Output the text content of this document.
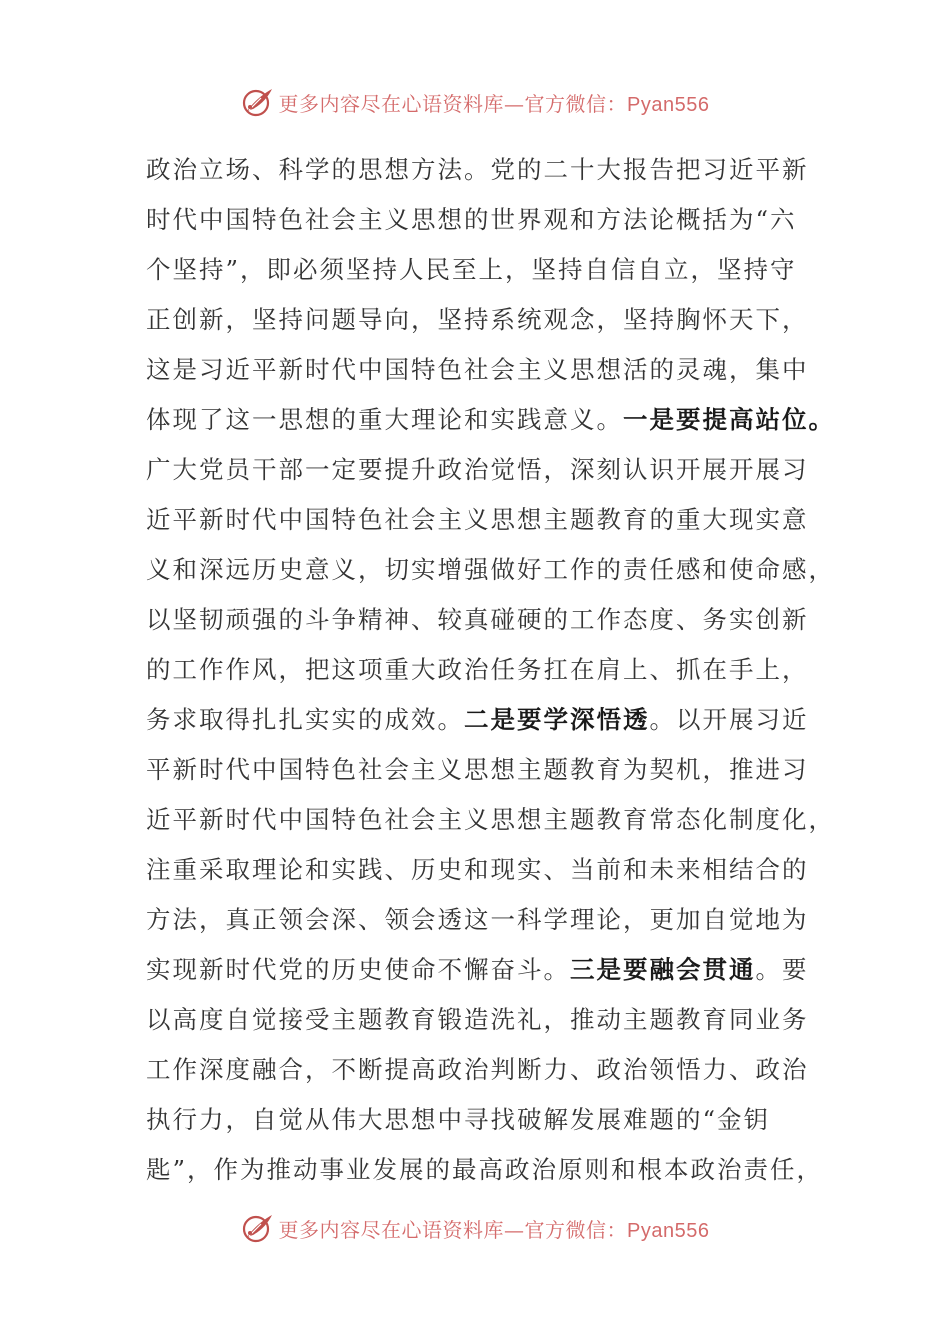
更多内容尽在心语资料库—官方微信：Pyan556
政治立场、科学的思想方法。党的二十大报告把习近平新
时代中国特色社会主义思想的世界观和方法论概括为“六
个坚持”，即必须坚持人民至上，坚持自信自立，坚持守
正创新，坚持问题导向，坚持系统观念，坚持胸怀天下，
这是习近平新时代中国特色社会主义思想活的灵魂，集中
体现了这一思想的重大理论和实践意义。一是要提高站位。
广大党员干部一定要提升政治觉悟，深刻认识开展开展习
近平新时代中国特色社会主义思想主题教育的重大现实意
义和深远历史意义，切实增强做好工作的责任感和使命感，
以坚韧顽强的斗争精神、较真碰硬的工作态度、务实创新
的工作作风，把这项重大政治任务扛在肩上、抓在手上，
务求取得扎扎实实的成效。二是要学深悟透。以开展习近
平新时代中国特色社会主义思想主题教育为契机，推进习
近平新时代中国特色社会主义思想主题教育常态化制度化，
注重采取理论和实践、历史和现实、当前和未来相结合的
方法，真正领会深、领会透这一科学理论，更加自觉地为
实现新时代党的历史使命不懈奋斗。三是要融会贯通。要
以高度自觉接受主题教育锻造洗礼，推动主题教育同业务
工作深度融合，不断提高政治判断力、政治领悟力、政治
执行力，自觉从伟大思想中寻找破解发展难题的“金钥
匙”，作为推动事业发展的最高政治原则和根本政治责任，
更多内容尽在心语资料库—官方微信：Pyan556
